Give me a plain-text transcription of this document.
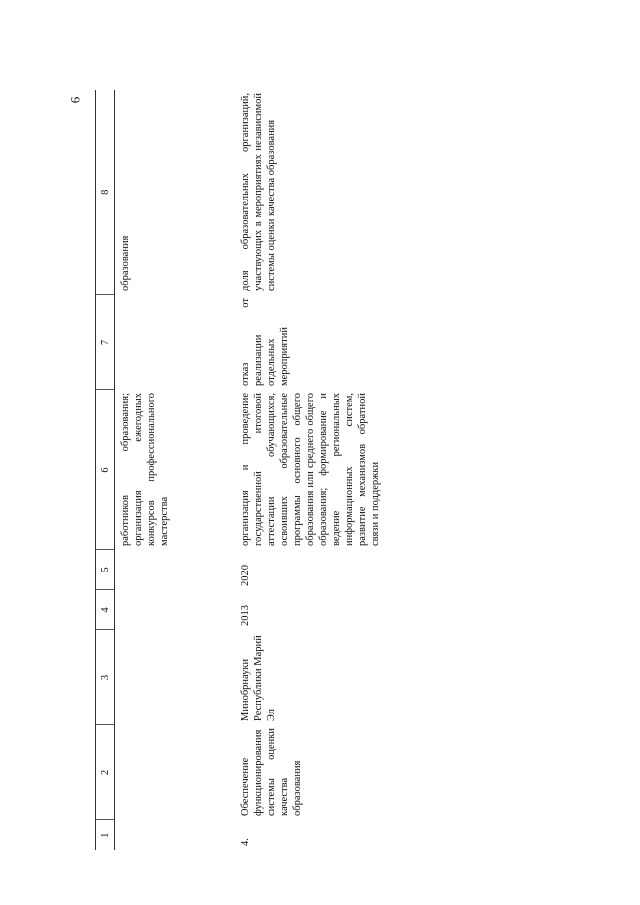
6
1	2	3	4	5	6	7	8
					работников образования; организация ежегодных конкурсов профессионального мастерства		образования
4.	Обеспечение функционирования системы оценки качества образования	Минобрнауки Республики Марий Эл	2013	2020	организация и проведение государственной итоговой аттестации обучающихся, освоивших образовательные программы основного общего образования или среднего общего образования; формирование и ведение региональных информационных систем, развитие механизмов обратной связи и поддержки	отказ от реализации отдельных мероприятий	доля образовательных организаций, участвующих в мероприятиях независимой системы оценки качества образования
